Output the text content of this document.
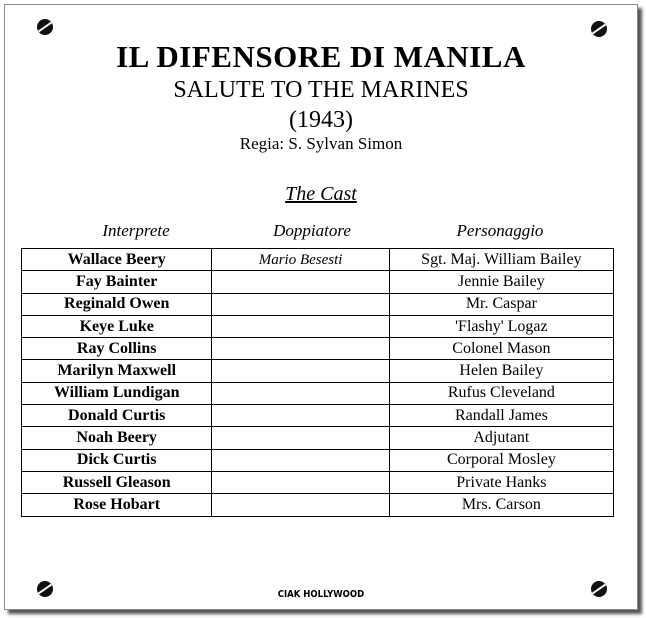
IL DIFENSORE DI MANILA
SALUTE TO THE MARINES
(1943)
Regia: S. Sylvan Simon
The Cast
Interprete	Doppiatore	Personaggio
Wallace Beery	Mario Besesti	Sgt. Maj. William Bailey
Fay Bainter		Jennie Bailey
Reginald Owen		Mr. Caspar
Keye Luke		'Flashy' Logaz
Ray Collins		Colonel Mason
Marilyn Maxwell		Helen Bailey
William Lundigan		Rufus Cleveland
Donald Curtis		Randall James
Noah Beery		Adjutant
Dick Curtis		Corporal Mosley
Russell Gleason		Private Hanks
Rose Hobart		Mrs. Carson
CIAK HOLLYWOOD
